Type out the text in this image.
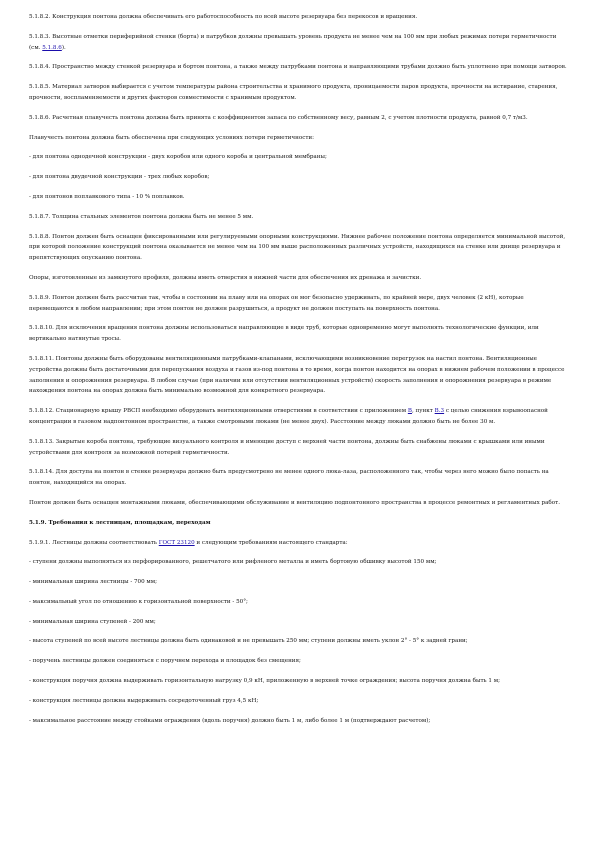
5.1.8.2. Конструкция понтона должна обеспечивать его работоспособность по всей высоте резервуара без перекосов и вращения.

5.1.8.3. Высотные отметки периферийной стенки (борта) и патрубков должны превышать уровень продукта не менее чем на 100 мм при любых режимах потери герметичности (см. 5.1.8.6).

5.1.8.4. Пространство между стенкой резервуара и бортом понтона, а также между патрубками понтона и направляющими трубами должно быть уплотнено при помощи затворов.

5.1.8.5. Материал затворов выбирается с учетом температуры района строительства и хранимого продукта, проницаемости паров продукта, прочности на истирание, старения, прочности, воспламеняемости и других факторов совместимости с хранимым продуктом.

5.1.8.6. Расчетная плавучесть понтона должна быть принята с коэффициентом запаса по собственному весу, равным 2, с учетом плотности продукта, равной 0,7 т/м3.

Плавучесть понтона должна быть обеспечена при следующих условиях потери герметичности:

- для понтона однодечной конструкции - двух коробов или одного короба и центральной мембраны;

- для понтона двудечной конструкции - трех любых коробов;

- для понтонов поплавкового типа - 10 % поплавков.

5.1.8.7. Толщина стальных элементов понтона должна быть не менее 5 мм.

5.1.8.8. Понтон должен быть оснащен фиксированными или регулируемыми опорными конструкциями. Нижнее рабочее положение понтона определяется минимальной высотой, при которой положение конструкций понтона оказывается не менее чем на 100 мм выше расположенных различных устройств, находящихся на стенке или днище резервуара и препятствующих опусканию понтона.

Опоры, изготовленные из замкнутого профиля, должны иметь отверстия в нижней части для обеспечения их дренажа и зачистки.

5.1.8.9. Понтон должен быть рассчитан так, чтобы в состоянии на плаву или на опорах он мог безопасно удерживать, по крайней мере, двух человек (2 кН), которые перемещаются в любом направлении; при этом понтон не должен разрушиться, а продукт не должен поступать на поверхность понтона.

5.1.8.10. Для исключения вращения понтона должны использоваться направляющие в виде труб, которые одновременно могут выполнять технологические функции, или вертикально натянутые тросы.

5.1.8.11. Понтоны должны быть оборудованы вентиляционными патрубками-клапанами, исключающими возникновение перегрузок на настил понтона. Вентиляционные устройства должны быть достаточными для перепускания воздуха и газов из-под понтона в то время, когда понтон находится на опорах в нижнем рабочем положении в процессе заполнения и опорожнения резервуара. В любом случае (при наличии или отсутствии вентиляционных устройств) скорость заполнения и опорожнения резервуара в режиме нахождения понтона на опорах должна быть минимально возможной для конкретного резервуара.

5.1.8.12. Стационарную крышу РВСП необходимо оборудовать вентиляционными отверстиями в соответствии с приложением В, пункт В.3 с целью снижения взрывоопасной концентрации в газовом надпонтонном пространстве, а также смотровыми люками (не менее двух). Расстояние между люками должно быть не более 30 м.

5.1.8.13. Закрытые короба понтона, требующие визуального контроля и имеющие доступ с верхней части понтона, должны быть снабжены люками с крышками или иными устройствами для контроля за возможной потерей герметичности.

5.1.8.14. Для доступа на понтон в стенке резервуара должно быть предусмотрено не менее одного люка-лаза, расположенного так, чтобы через него можно было попасть на понтон, находящийся на опорах.

Понтон должен быть оснащен монтажными люками, обеспечивающими обслуживание и вентиляцию подпонтонного пространства в процессе ремонтных и регламентных работ.

5.1.9. Требования к лестницам, площадкам, переходам

5.1.9.1. Лестницы должны соответствовать ГОСТ 23120 и следующим требованиям настоящего стандарта:

- ступени должны выполняться из перфорированного, решетчатого или рифленого металла и иметь бортовую обшивку высотой 150 мм;

- минимальная ширина лестницы - 700 мм;

- максимальный угол по отношению к горизонтальной поверхности - 50°;

- минимальная ширина ступеней - 200 мм;

- высота ступеней по всей высоте лестницы должна быть одинаковой и не превышать 250 мм; ступени должны иметь уклон 2° - 5° к задней грани;

- поручень лестницы должен соединяться с поручнем перехода и площадок без смещения;

- конструкция поручня должна выдерживать горизонтальную нагрузку 0,9 кН, приложенную в верхней точке ограждения; высота поручня должна быть 1 м;

- конструкция лестницы должна выдерживать сосредоточенный груз 4,5 кН;

- максимальное расстояние между стойками ограждения (вдоль поручня) должно быть 1 м, либо более 1 м (подтверждают расчетом);
